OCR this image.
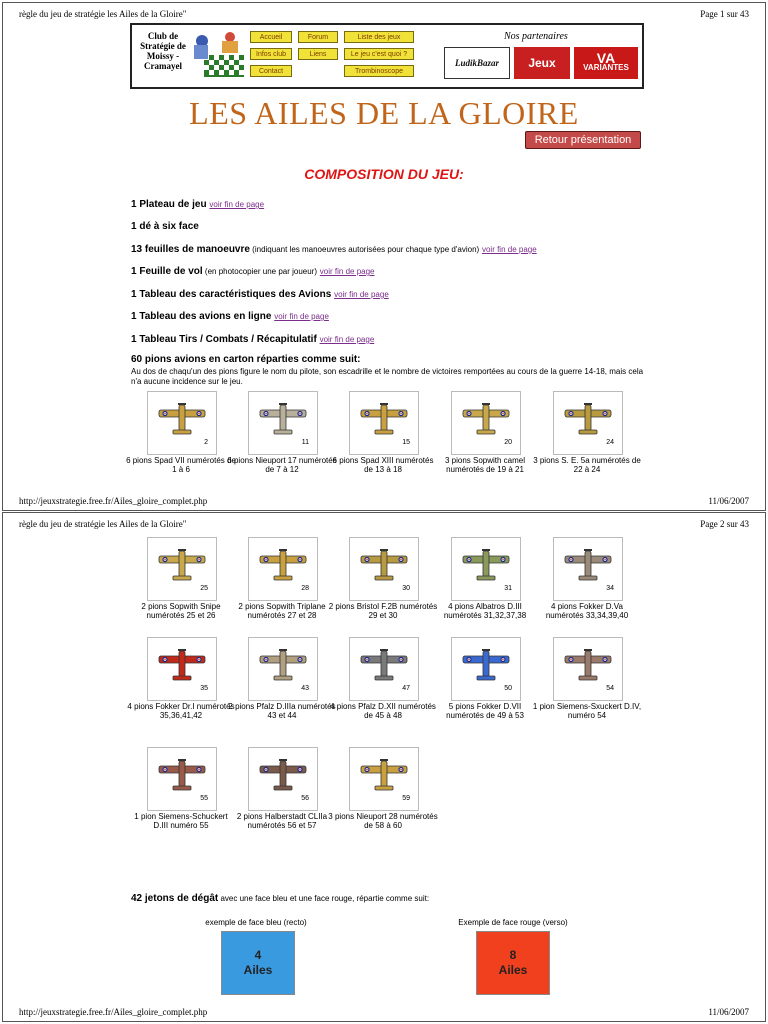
règle du jeu de stratégie les Ailes de la Gloire"	Page 1 sur 43
Club de Stratégie de Moissy - Cramayel
Accueil	Forum	Liste des jeux
Infos club	Liens	Le jeu c'est quoi ?
Contact	Trombinoscope
Nos partenaires
LudikBazar	Jeux	VA
VARIANTES
LES AILES DE LA GLOIRE
Retour présentation
COMPOSITION DU JEU:
1 Plateau de jeu voir fin de page
1 dé à six face
13 feuilles de manoeuvre (indiquant les manoeuvres autorisées pour chaque type d'avion) voir fin de page
1 Feuille de vol (en photocopier une par joueur) voir fin de page
1 Tableau des caractéristiques des Avions voir fin de page
1 Tableau des avions en ligne voir fin de page
1 Tableau Tirs / Combats / Récapitulatif voir fin de page
60 pions avions en carton réparties comme suit:
Au dos de chaqu'un des pions figure le nom du pilote, son escadrille et le nombre de victoires remportées au cours de la guerre 14-18, mais cela n'a aucune incidence sur le jeu.
2
6 pions Spad VII numérotés de 1 à 6
11
6 pions Nieuport 17 numérotés de 7 à 12
15
6 pions Spad XIII numérotés de 13 à 18
20
3 pions Sopwith camel numérotés de 19 à 21
24
3 pions S. E. 5a numérotés de 22 à 24
http://jeuxstrategie.free.fr/Ailes_gloire_complet.php	11/06/2007
règle du jeu de stratégie les Ailes de la Gloire"	Page 2 sur 43
25
2 pions Sopwith Snipe numérotés 25 et 26
28
2 pions Sopwith Triplane numérotés 27 et 28
30
2 pions Bristol F.2B numérotés 29 et 30
31
4 pions Albatros D.III numérotés 31,32,37,38
34
4 pions Fokker D.Va numérotés 33,34,39,40
35
4 pions Fokker Dr.I numérotés 35,36,41,42
43
2 pions Pfalz D.IIIa numérotés 43 et 44
47
4 pions Pfalz D.XII numérotés de 45 à 48
50
5 pions Fokker D.VII numérotés de 49 à 53
54
1 pion Siemens-Sxuckert D.IV, numéro 54
55
1 pion Siemens-Schuckert D.III numéro 55
56
2 pions Halberstadt CLIIa numérotés 56 et 57
59
3 pions Nieuport 28 numérotés de 58 à 60
42 jetons de dégât avec une face bleu et une face rouge, répartie comme suit:
exemple de face bleu (recto)	Exemple de face rouge (verso)
4
Ailes
8
Ailes
http://jeuxstrategie.free.fr/Ailes_gloire_complet.php	11/06/2007
